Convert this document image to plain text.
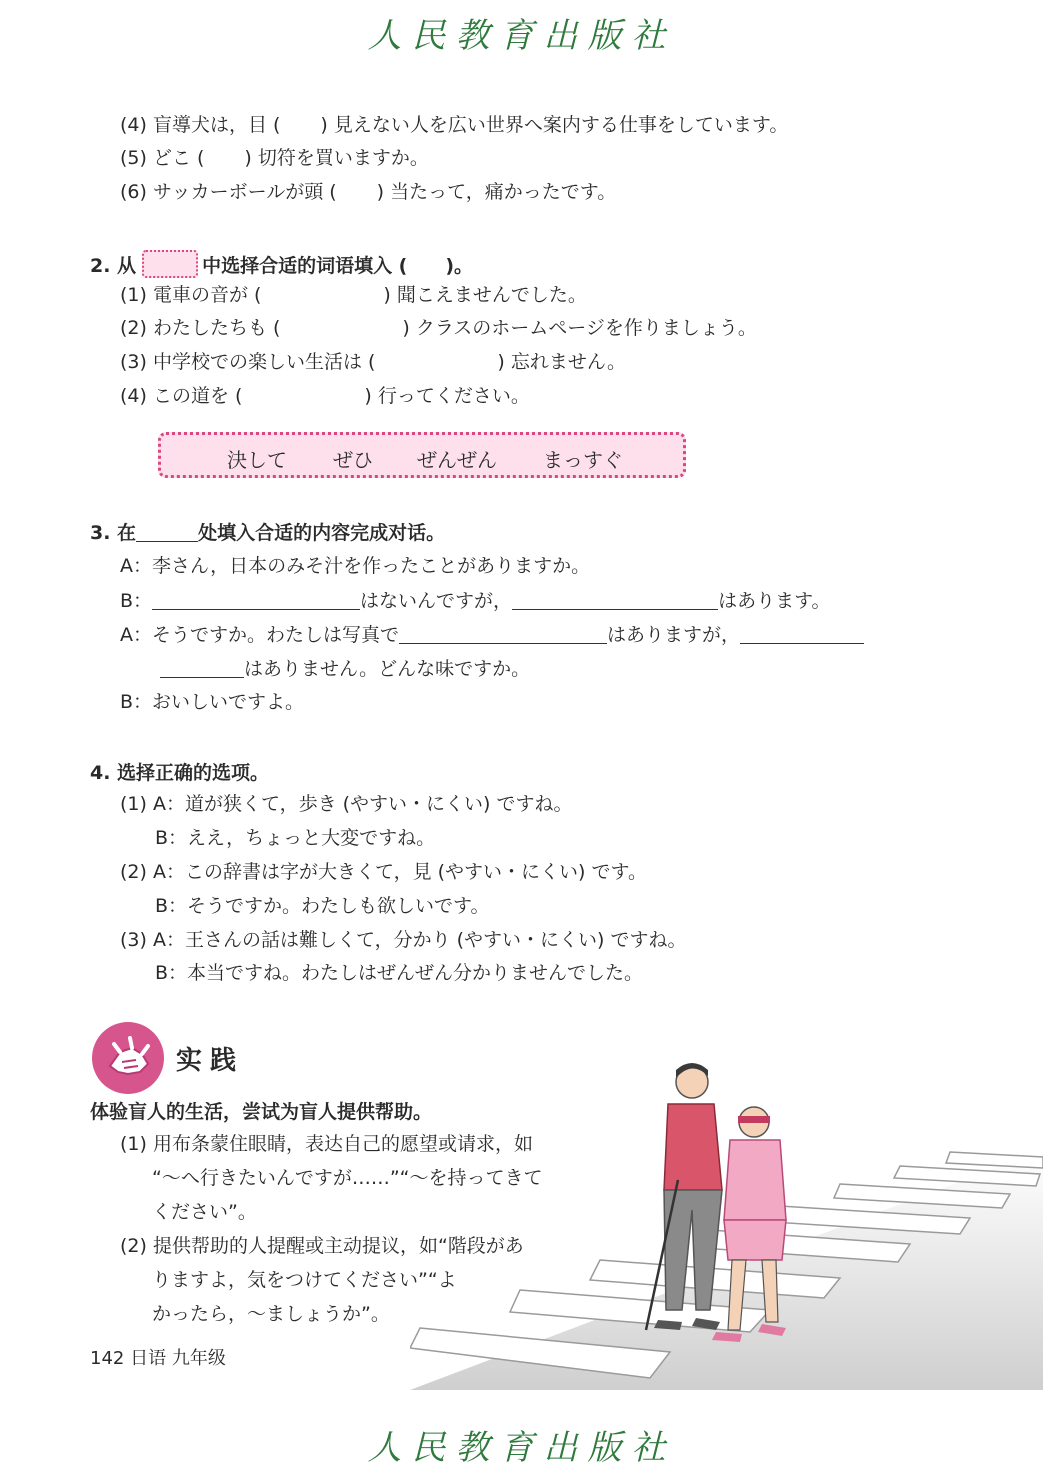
人民教育出版社
(4) 盲導犬は，目 ( ) 見えない人を広い世界へ案内する仕事をしています。
(5) どこ ( ) 切符を買いますか。
(6) サッカーボールが頭 ( ) 当たって，痛かったです。
2. 从	中选择合适的词语填入 (　　)。
(1) 電車の音が (	) 聞こえませんでした。
(2) わたしたちも (	) クラスのホームページを作りましょう。
(3) 中学校での楽しい生活は (	) 忘れません。
(4) この道を (	) 行ってください。
決して ぜひ ぜんぜん まっすぐ
3. 在	处填入合适的内容完成对话。
A：李さん，日本のみそ汁を作ったことがありますか。
B：	はないんですが，	はあります。
A：そうですか。わたしは写真で	はありますが，
はありません。どんな味ですか。
B：おいしいですよ。
4. 选择正确的选项。
(1) A：道が狭くて，歩き (やすい・にくい) ですね。
B：ええ，ちょっと大変ですね。
(2) A：この辞書は字が大きくて，見 (やすい・にくい) です。
B：そうですか。わたしも欲しいです。
(3) A：王さんの話は難しくて，分かり (やすい・にくい) ですね。
B：本当ですね。わたしはぜんぜん分かりませんでした。
实践
体验盲人的生活，尝试为盲人提供帮助。
(1) 用布条蒙住眼睛，表达自己的愿望或请求，如
“～へ行きたいんですが……”“～を持ってきて
ください”。
(2) 提供帮助的人提醒或主动提议，如“階段があ
りますよ，気をつけてください”“よ
かったら，～ましょうか”。
142 日语 九年级
人民教育出版社
